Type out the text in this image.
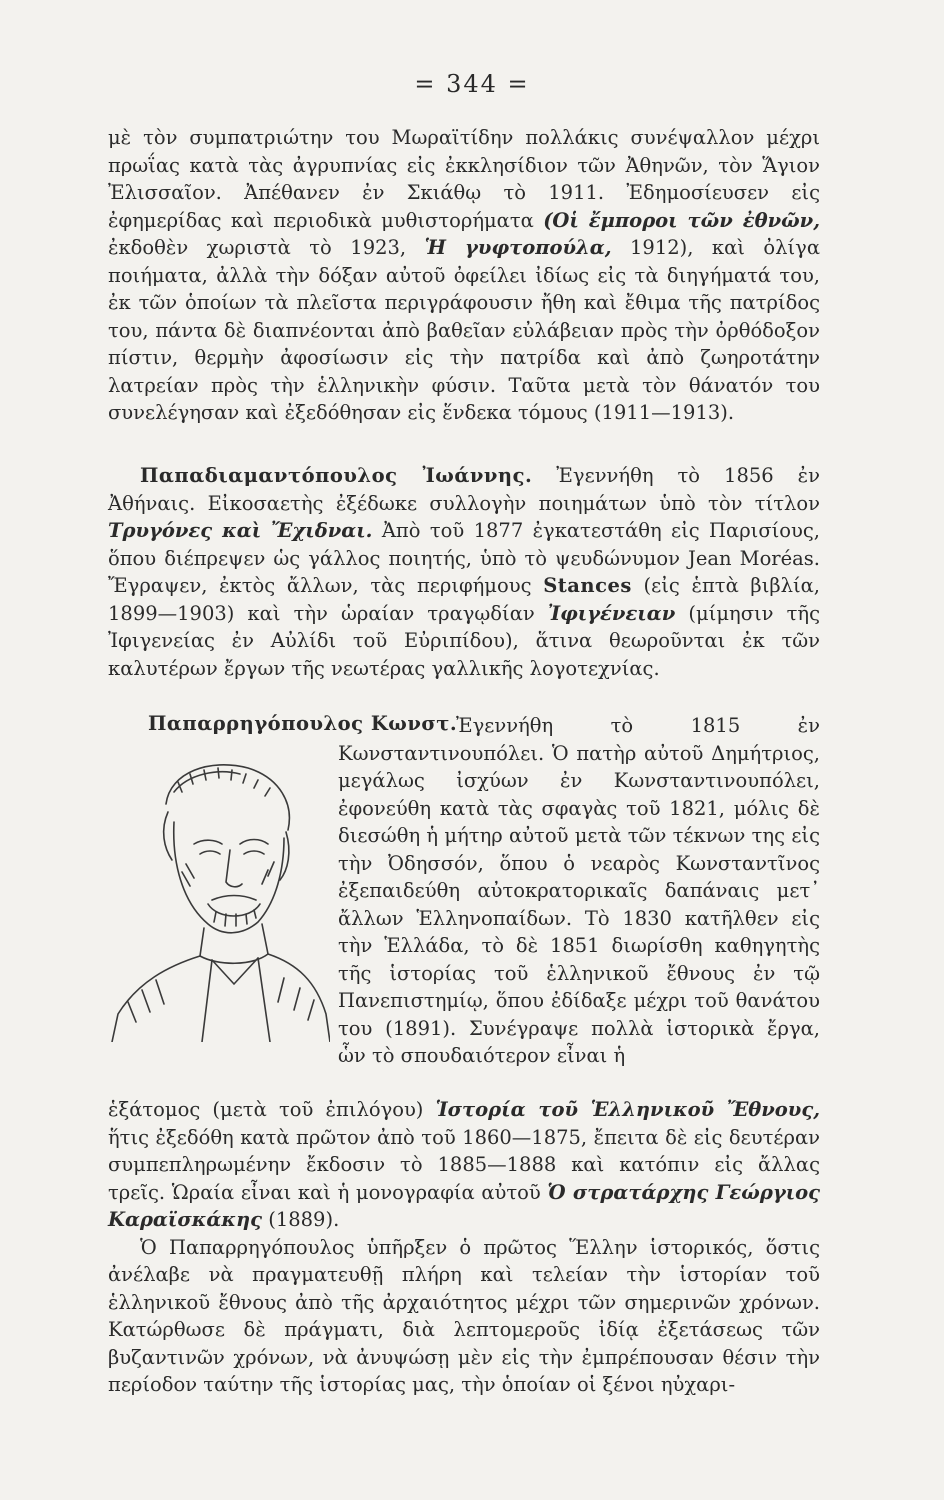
= 344 =

μὲ τὸν συμπατριώτην του Μωραϊτίδην πολλάκις συνέψαλλον μέχρι πρωΐας κατὰ τὰς ἀγρυπνίας εἰς ἐκκλησίδιον τῶν Ἀθηνῶν, τὸν Ἅγιον Ἐλισσαῖον. Ἀπέθανεν ἐν Σκιάθῳ τὸ 1911. Ἐδημοσίευσεν εἰς ἐφημερίδας καὶ περιοδικὰ μυθιστορήματα (Οἱ ἔμποροι τῶν ἐθνῶν, ἐκδοθὲν χωριστὰ τὸ 1923, Ἡ γυφτοπούλα, 1912), καὶ ὀλίγα ποιήματα, ἀλλὰ τὴν δόξαν αὐτοῦ ὀφείλει ἰδίως εἰς τὰ διηγήματά του, ἐκ τῶν ὁποίων τὰ πλεῖστα περιγράφουσιν ἤθη καὶ ἔθιμα τῆς πατρίδος του, πάντα δὲ διαπνέονται ἀπὸ βαθεῖαν εὐλάβειαν πρὸς τὴν ὀρθόδοξον πίστιν, θερμὴν ἀφοσίωσιν εἰς τὴν πατρίδα καὶ ἀπὸ ζωηροτάτην λατρείαν πρὸς τὴν ἑλληνικὴν φύσιν. Ταῦτα μετὰ τὸν θάνατόν του συνελέγησαν καὶ ἐξεδόθησαν εἰς ἕνδεκα τόμους (1911—1913).

Παπαδιαμαντόπουλος Ἰωάννης. Ἐγεννήθη τὸ 1856 ἐν Ἀθήναις. Εἰκοσαετὴς ἐξέδωκε συλλογὴν ποιημάτων ὑπὸ τὸν τίτλον Τρυγόνες καὶ Ἔχιδναι. Ἀπὸ τοῦ 1877 ἐγκατεστάθη εἰς Παρισίους, ὅπου διέπρεψεν ὡς γάλλος ποιητής, ὑπὸ τὸ ψευδώνυμον Jean Moréas. Ἔγραψεν, ἐκτὸς ἄλλων, τὰς περιφήμους Stances (εἰς ἑπτὰ βιβλία, 1899—1903) καὶ τὴν ὡραίαν τραγῳδίαν Ἰφιγένειαν (μίμησιν τῆς Ἰφιγενείας ἐν Αὐλίδι τοῦ Εὐριπίδου), ἅτινα θεωροῦνται ἐκ τῶν καλυτέρων ἔργων τῆς νεωτέρας γαλλικῆς λογοτεχνίας.

Παπαρρηγόπουλος Κωνστ.

Ἐγεννήθη τὸ 1815 ἐν Κωνσταντινουπόλει. Ὁ πατὴρ αὐτοῦ Δημήτριος, μεγάλως ἰσχύων ἐν Κωνσταντινουπόλει, ἐφονεύθη κατὰ τὰς σφαγὰς τοῦ 1821, μόλις δὲ διεσώθη ἡ μήτηρ αὐτοῦ μετὰ τῶν τέκνων της εἰς τὴν Ὀδησσόν, ὅπου ὁ νεαρὸς Κωνσταντῖνος ἐξεπαιδεύθη αὐτοκρατορικαῖς δαπάναις μετ᾽ ἄλλων Ἑλληνοπαίδων. Τὸ 1830 κατῆλθεν εἰς τὴν Ἑλλάδα, τὸ δὲ 1851 διωρίσθη καθηγητὴς τῆς ἱστορίας τοῦ ἑλληνικοῦ ἔθνους ἐν τῷ Πανεπιστημίῳ, ὅπου ἐδίδαξε μέχρι τοῦ θανάτου του (1891). Συνέγραψε πολλὰ ἱστορικὰ ἔργα, ὧν τὸ σπουδαιότερον εἶναι ἡ

ἑξάτομος (μετὰ τοῦ ἐπιλόγου) Ἱστορία τοῦ Ἑλληνικοῦ Ἔθνους, ἥτις ἐξεδόθη κατὰ πρῶτον ἀπὸ τοῦ 1860—1875, ἔπειτα δὲ εἰς δευτέραν συμπεπληρωμένην ἔκδοσιν τὸ 1885—1888 καὶ κατόπιν εἰς ἄλλας τρεῖς. Ὡραία εἶναι καὶ ἡ μονογραφία αὐτοῦ Ὁ στρατάρχης Γεώργιος Καραϊσκάκης (1889).

Ὁ Παπαρρηγόπουλος ὑπῆρξεν ὁ πρῶτος Ἕλλην ἱστορικός, ὅστις ἀνέλαβε νὰ πραγματευθῇ πλήρη καὶ τελείαν τὴν ἱστορίαν τοῦ ἑλληνικοῦ ἔθνους ἀπὸ τῆς ἀρχαιότητος μέχρι τῶν σημερινῶν χρόνων. Κατώρθωσε δὲ πράγματι, διὰ λεπτομεροῦς ἰδίᾳ ἐξετάσεως τῶν βυζαντινῶν χρόνων, νὰ ἀνυψώσῃ μὲν εἰς τὴν ἐμπρέπουσαν θέσιν τὴν περίοδον ταύτην τῆς ἱστορίας μας, τὴν ὁποίαν οἱ ξένοι ηὐχαρι-
